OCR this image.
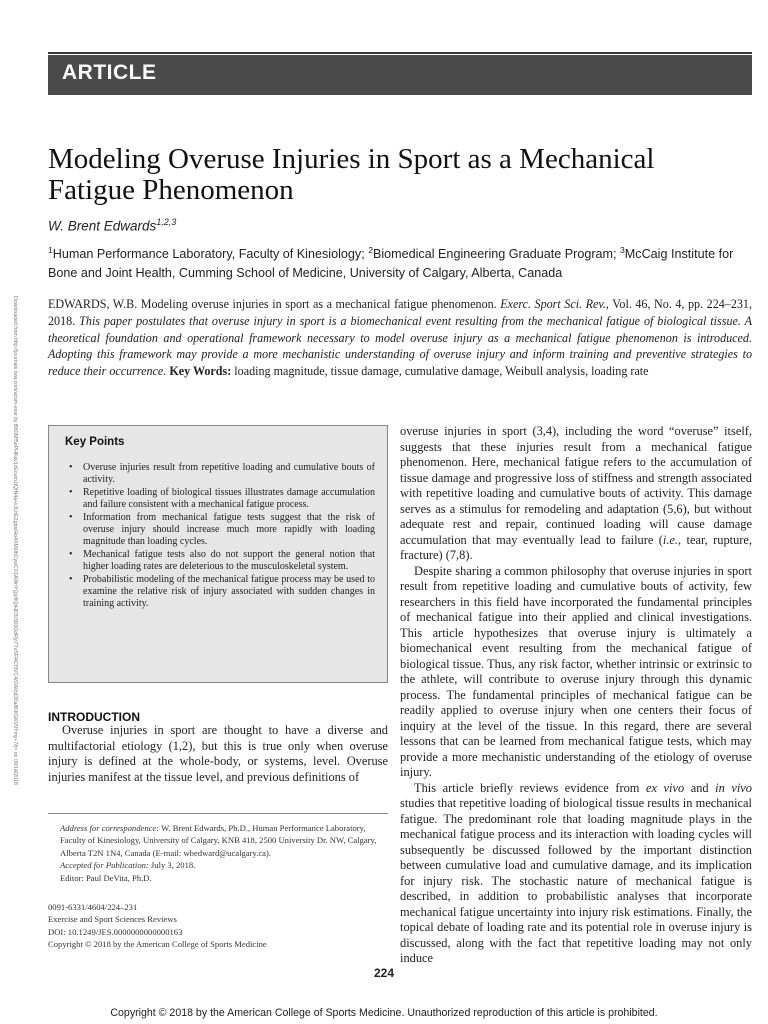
ARTICLE
Modeling Overuse Injuries in Sport as a Mechanical Fatigue Phenomenon
W. Brent Edwards$^{1,2,3}$
$^1$Human Performance Laboratory, Faculty of Kinesiology; $^2$Biomedical Engineering Graduate Program; $^3$McCaig Institute for Bone and Joint Health, Cumming School of Medicine, University of Calgary, Alberta, Canada

EDWARDS, W.B. Modeling overuse injuries in sport as a mechanical fatigue phenomenon. Exerc. Sport Sci. Rev., Vol. 46, No. 4, pp. 224–231, 2018. This paper postulates that overuse injury in sport is a biomechanical event resulting from the mechanical fatigue of biological tissue. A theoretical foundation and operational framework necessary to model overuse injury as a mechanical fatigue phenomenon is introduced. Adopting this framework may provide a more mechanistic understanding of overuse injury and inform training and preventive strategies to reduce their occurrence. Key Words: loading magnitude, tissue damage, cumulative damage, Weibull analysis, loading rate

Downloaded from http://journals.lww.com/acsm-essr by BhDMf5ePHKav1zEoum1tQfN4a+kJLhEZgbsIHo4XMi0hCywCX1AWnYQp/IlQrHD3i3D0OdRyi7TvSFl4Cf3VC4/OAVpDDa8KKGKV0Ymy+78= on 09/14/2018	Key Points
• Overuse injuries result from repetitive loading and cumulative bouts of activity.
• Repetitive loading of biological tissues illustrates damage accumulation and failure consistent with a mechanical fatigue process.
• Information from mechanical fatigue tests suggest that the risk of overuse injury should increase much more rapidly with loading magnitude than loading cycles.
• Mechanical fatigue tests also do not support the general notion that higher loading rates are deleterious to the musculoskeletal system.
• Probabilistic modeling of the mechanical fatigue process may be used to examine the relative risk of injury associated with sudden changes in training activity.
INTRODUCTION

Overuse injuries in sport are thought to have a diverse and multifactorial etiology (1,2), but this is true only when overuse injury is defined at the whole-body, or systems, level. Overuse injuries manifest at the tissue level, and previous definitions of

Address for correspondence: W. Brent Edwards, Ph.D., Human Performance Laboratory, Faculty of Kinesiology, University of Calgary, KNB 418, 2500 University Dr. NW, Calgary, Alberta T2N 1N4, Canada (E-mail: wbedward@ucalgary.ca).
Accepted for Publication: July 3, 2018.
Editor: Paul DeVita, Ph.D.
0091-6331/4604/224–231
Exercise and Sport Sciences Reviews
DOI: 10.1249/JES.0000000000000163
Copyright © 2018 by the American College of Sports Medicine

overuse injuries in sport (3,4), including the word “overuse” itself, suggests that these injuries result from a mechanical fatigue phenomenon. Here, mechanical fatigue refers to the accumulation of tissue damage and progressive loss of stiffness and strength associated with repetitive loading and cumulative bouts of activity. This damage serves as a stimulus for remodeling and adaptation (5,6), but without adequate rest and repair, continued loading will cause damage accumulation that may eventually lead to failure (i.e., tear, rupture, fracture) (7,8).

Despite sharing a common philosophy that overuse injuries in sport result from repetitive loading and cumulative bouts of activity, few researchers in this field have incorporated the fundamental principles of mechanical fatigue into their applied and clinical investigations. This article hypothesizes that overuse injury is ultimately a biomechanical event resulting from the mechanical fatigue of biological tissue. Thus, any risk factor, whether intrinsic or extrinsic to the athlete, will contribute to overuse injury through this dynamic process. The fundamental principles of mechanical fatigue can be readily applied to overuse injury when one centers their focus of inquiry at the level of the tissue. In this regard, there are several lessons that can be learned from mechanical fatigue tests, which may provide a more mechanistic understanding of the etiology of overuse injury.

This article briefly reviews evidence from ex vivo and in vivo studies that repetitive loading of biological tissue results in mechanical fatigue. The predominant role that loading magnitude plays in the mechanical fatigue process and its interaction with loading cycles will subsequently be discussed followed by the important distinction between cumulative load and cumulative damage, and its implication for injury risk. The stochastic nature of mechanical fatigue is described, in addition to probabilistic analyses that incorporate mechanical fatigue uncertainty into injury risk estimations. Finally, the topical debate of loading rate and its potential role in overuse injury is discussed, along with the fact that repetitive loading may not only induce

224
Copyright © 2018 by the American College of Sports Medicine. Unauthorized reproduction of this article is prohibited.
